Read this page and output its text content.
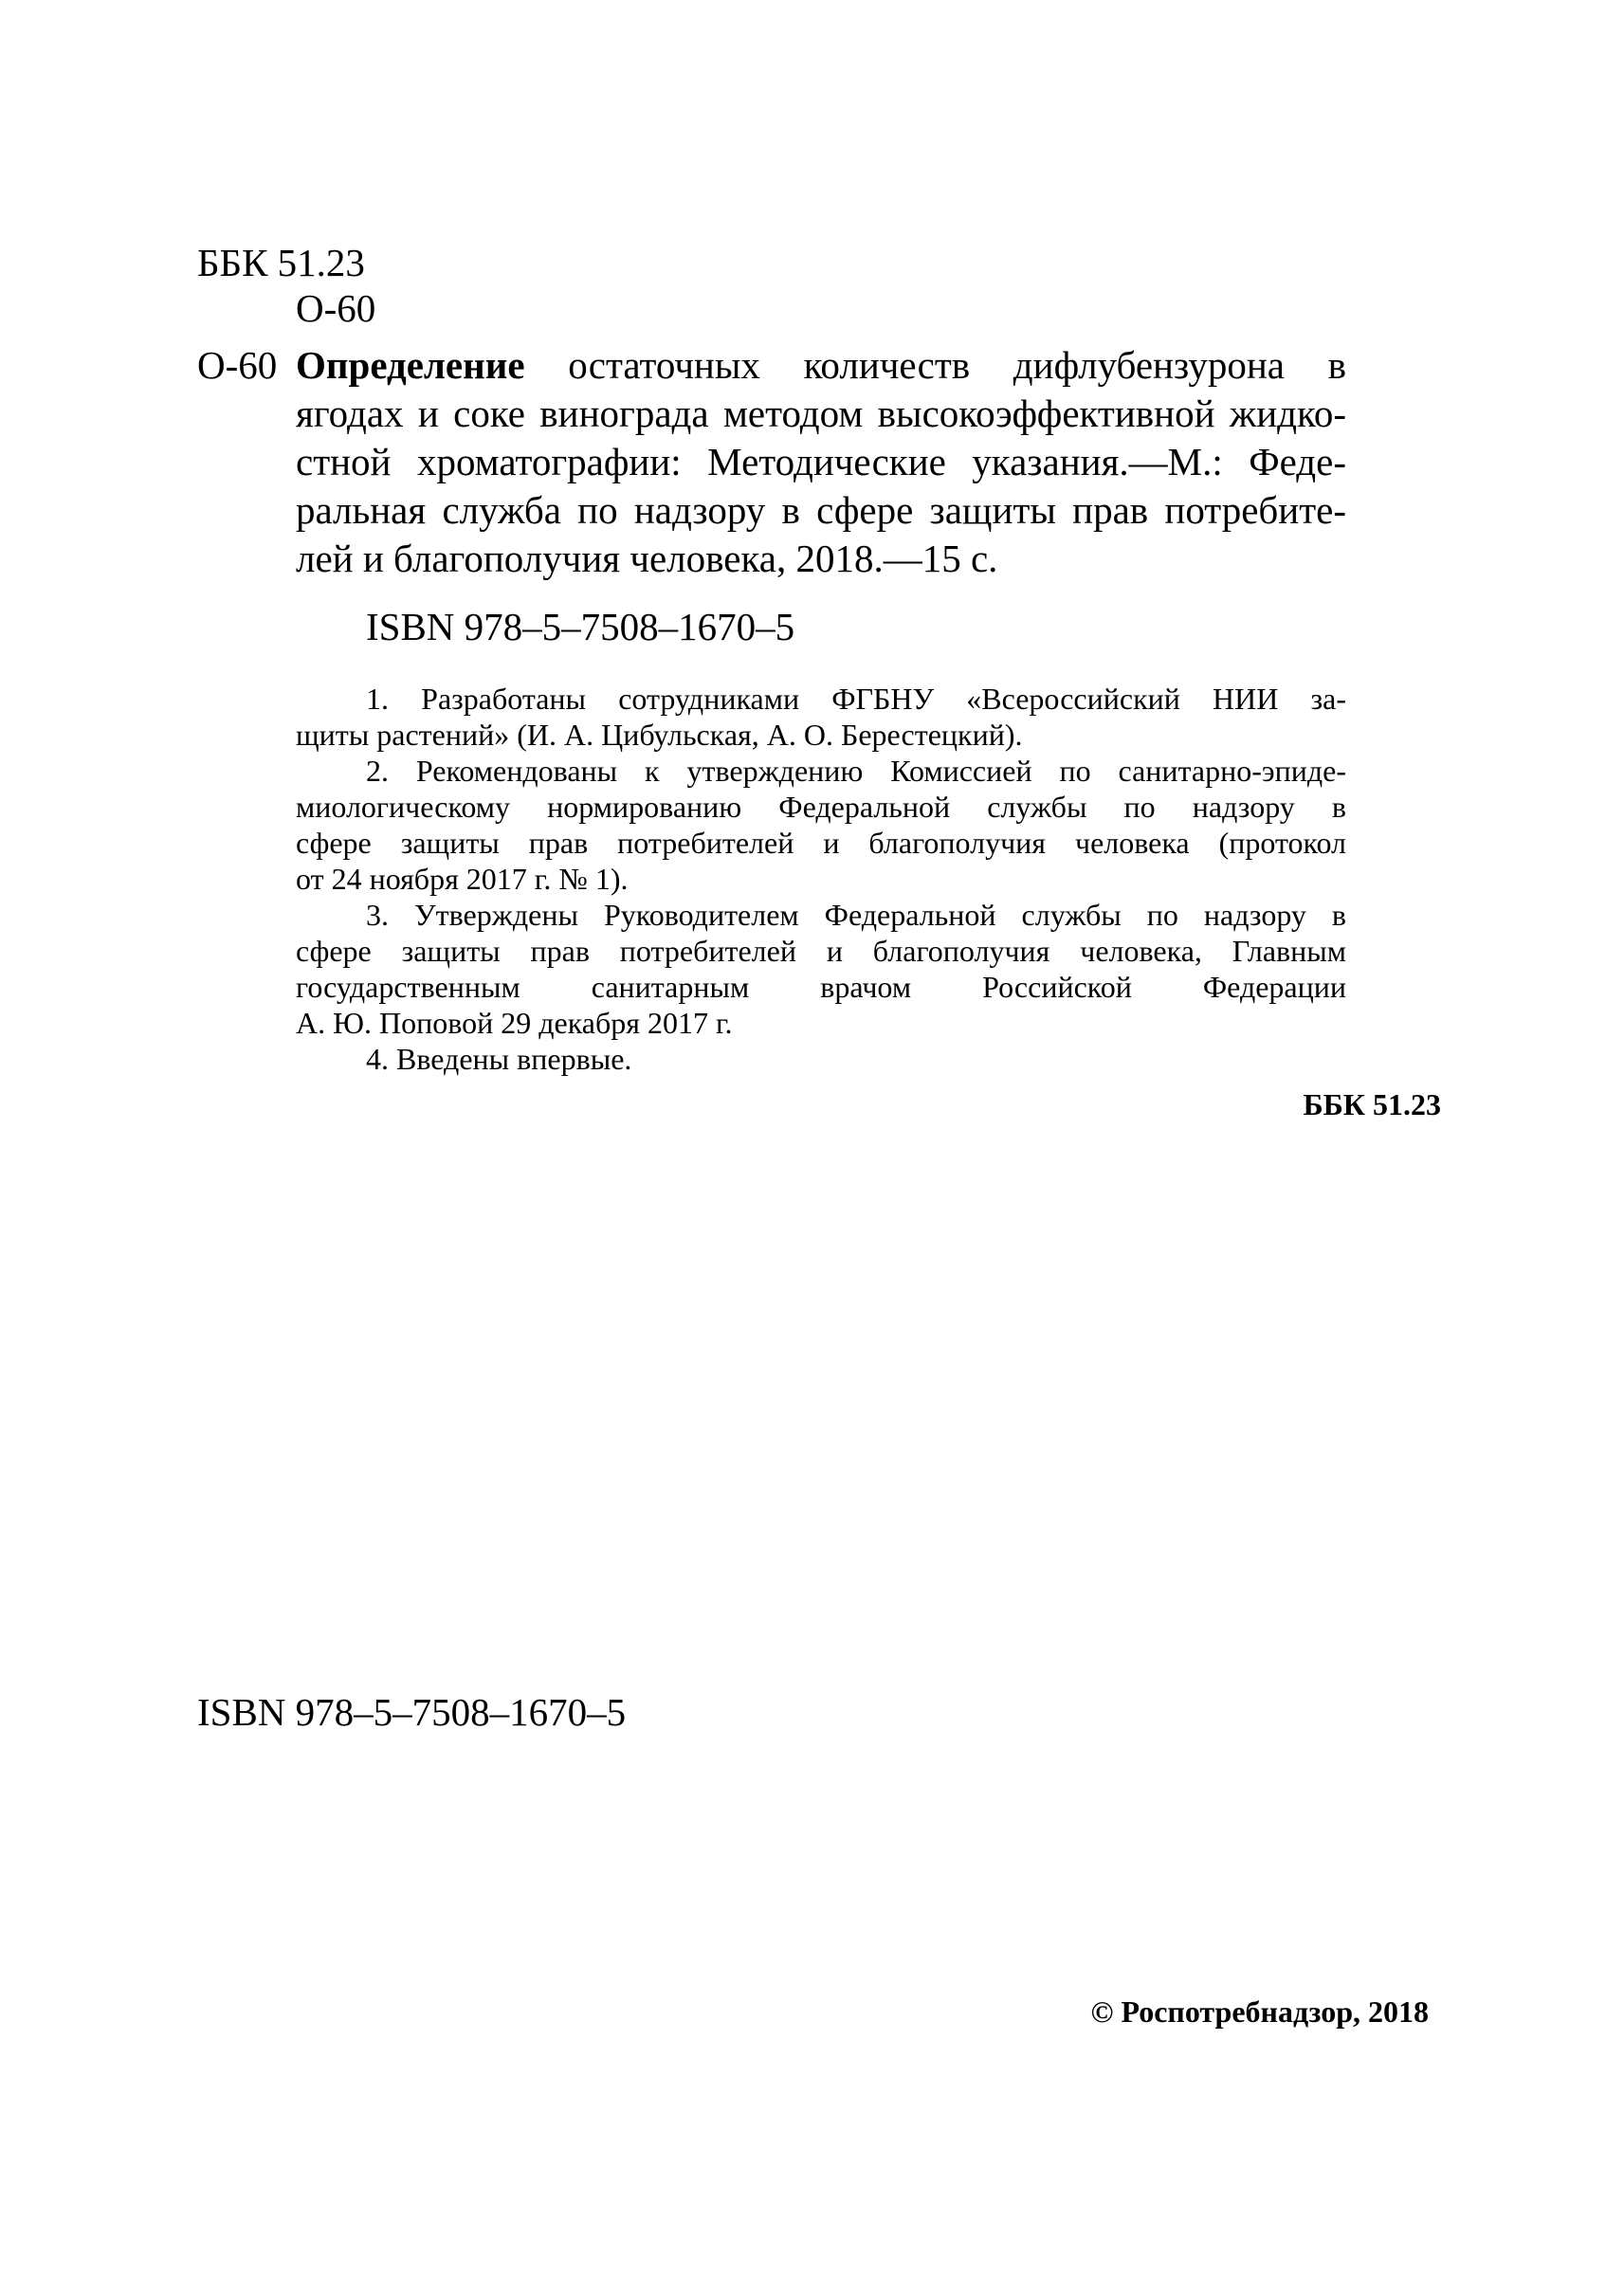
ББК 51.23
О-60
О-60 Определение остаточных количеств дифлубензурона в
ягодах и соке винограда методом высокоэффективной жидко-
стной хроматографии: Методические указания.—М.: Феде-
ральная служба по надзору в сфере защиты прав потребите-
лей и благополучия человека, 2018.—15 с.
ISBN 978–5–7508–1670–5
1. Разработаны сотрудниками ФГБНУ «Всероссийский НИИ за-
щиты растений» (И. А. Цибульская, А. О. Берестецкий).
2. Рекомендованы к утверждению Комиссией по санитарно-эпиде-
миологическому нормированию Федеральной службы по надзору в
сфере защиты прав потребителей и благополучия человека (протокол
от 24 ноября 2017 г. № 1).
3. Утверждены Руководителем Федеральной службы по надзору в
сфере защиты прав потребителей и благополучия человека, Главным
государственным санитарным врачом Российской Федерации
А. Ю. Поповой 29 декабря 2017 г.
4. Введены впервые.
ББК 51.23
ISBN 978–5–7508–1670–5
© Роспотребнадзор, 2018
